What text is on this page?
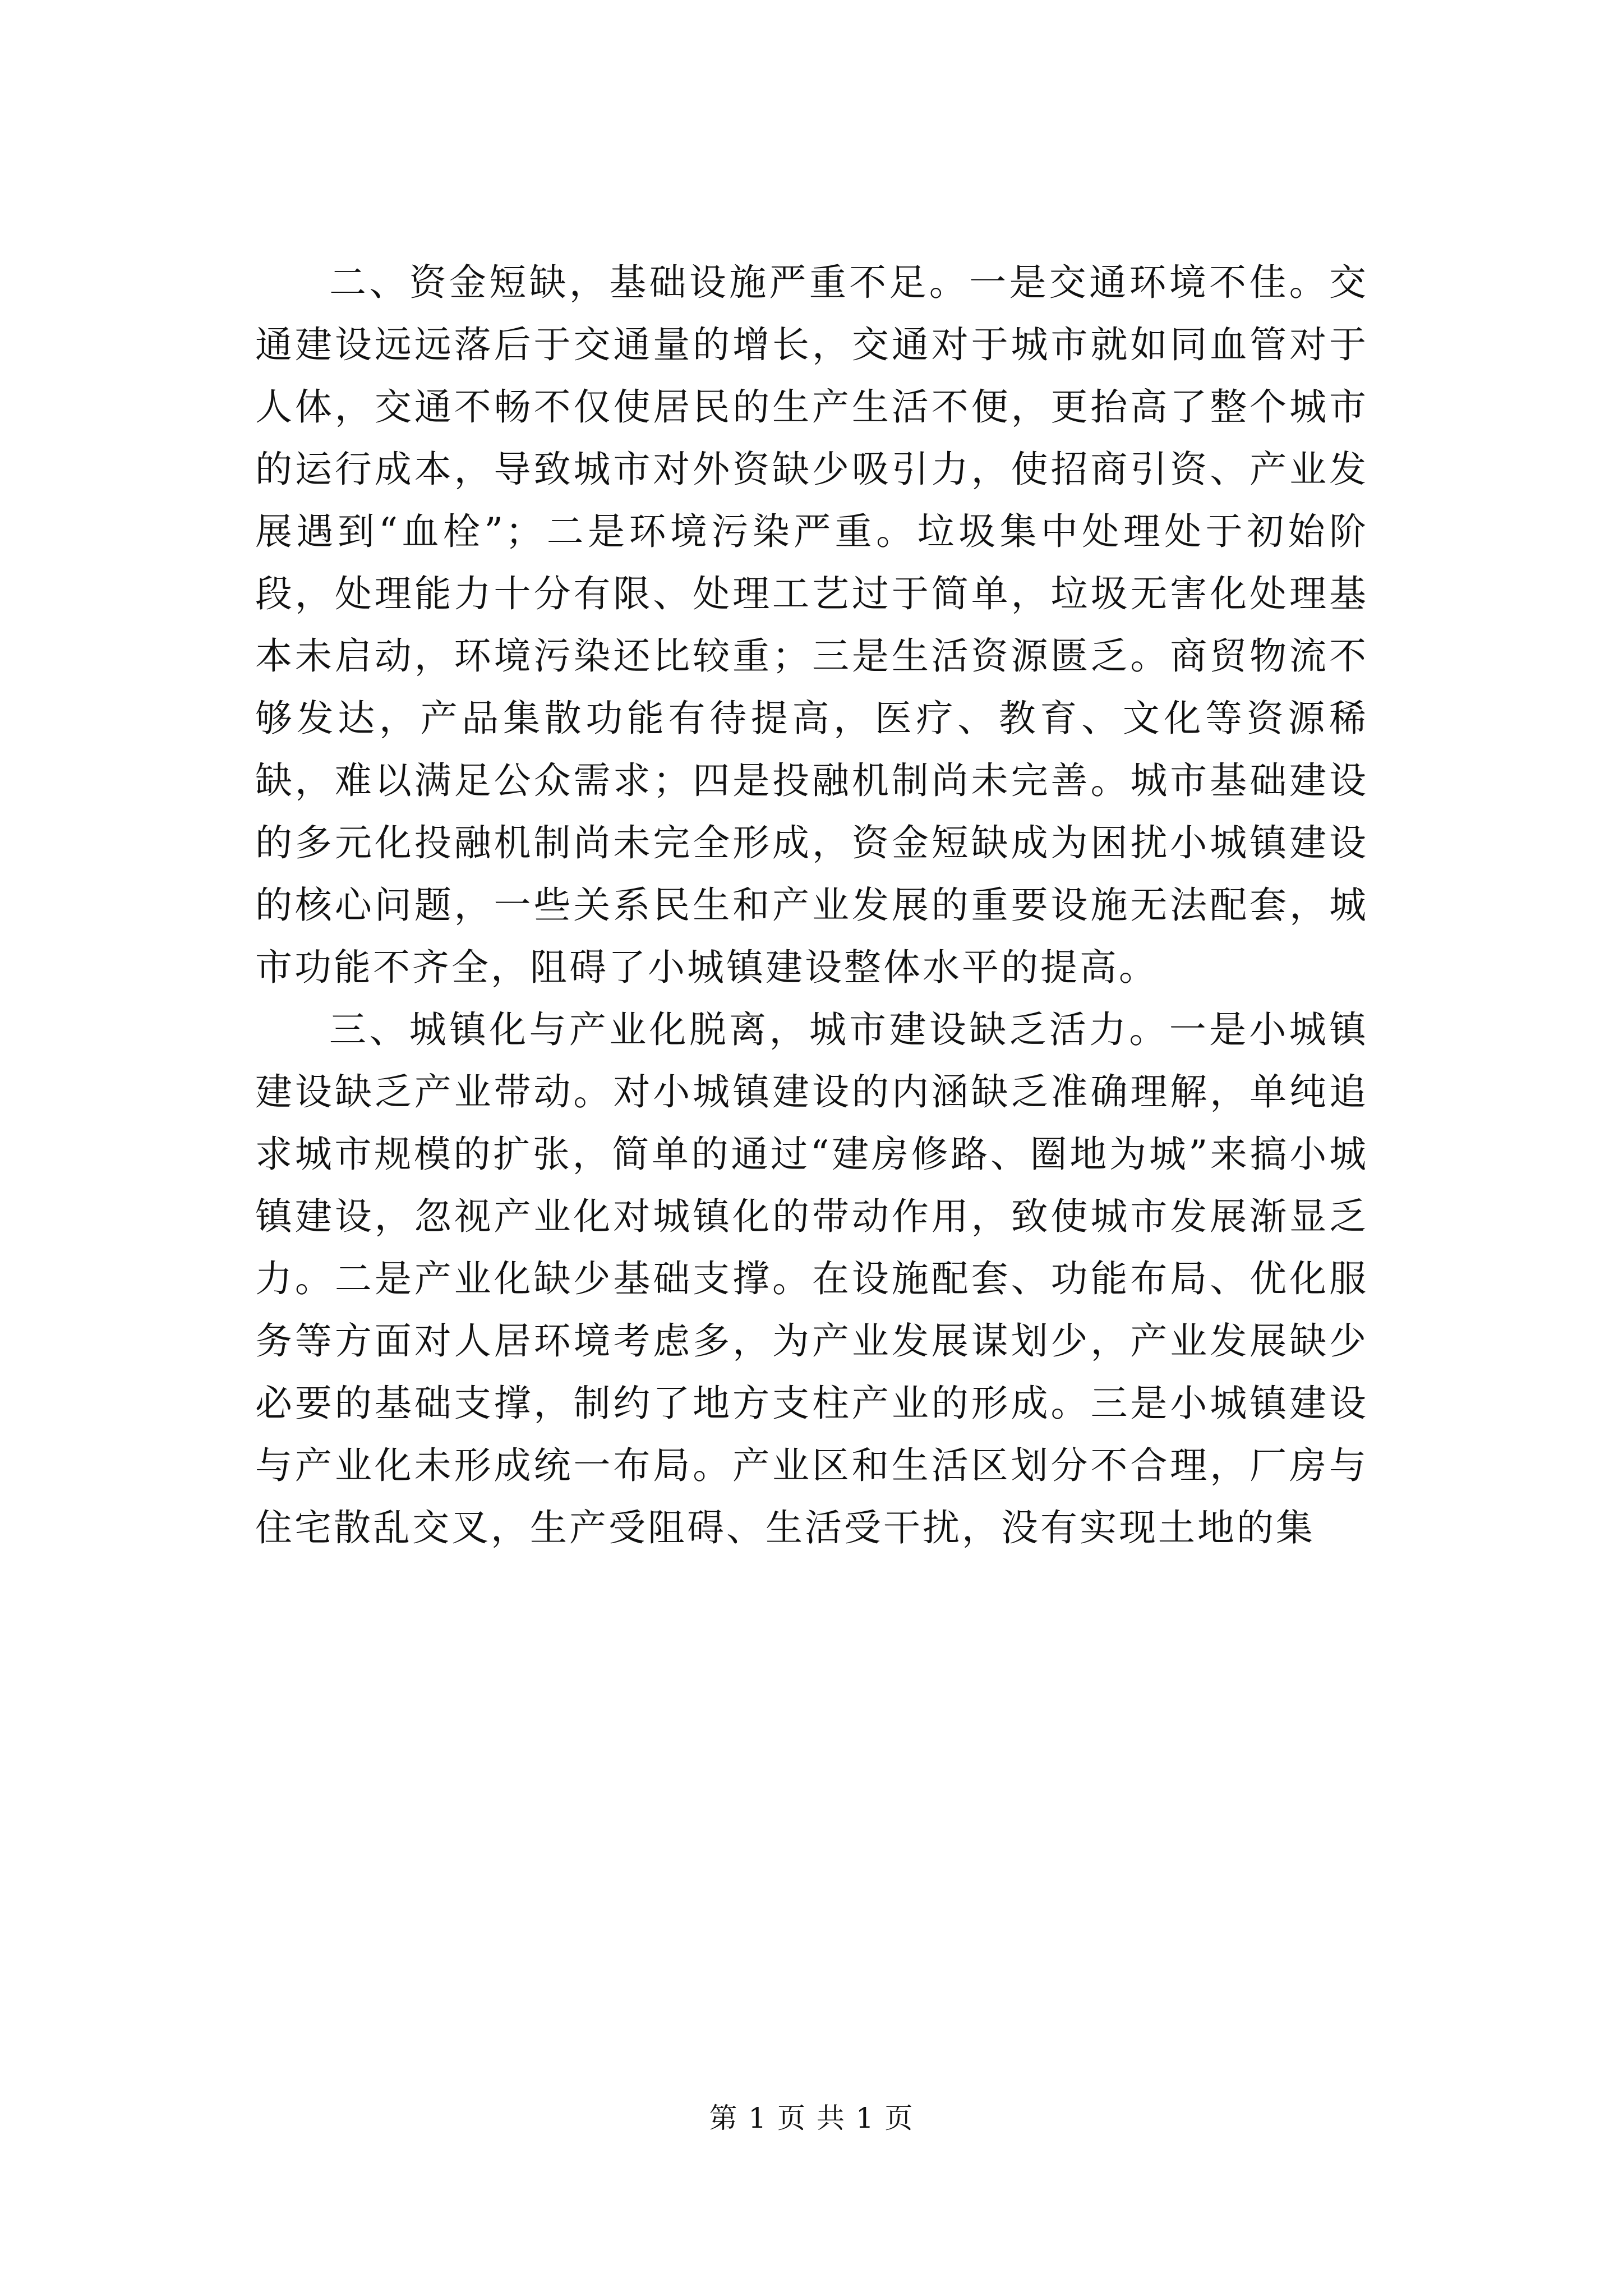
二、资金短缺，基础设施严重不足。一是交通环境不佳。交通建设远远落后于交通量的增长，交通对于城市就如同血管对于人体，交通不畅不仅使居民的生产生活不便，更抬高了整个城市的运行成本，导致城市对外资缺少吸引力，使招商引资、产业发展遇到“血栓”；二是环境污染严重。垃圾集中处理处于初始阶段，处理能力十分有限、处理工艺过于简单，垃圾无害化处理基本未启动，环境污染还比较重；三是生活资源匮乏。商贸物流不够发达，产品集散功能有待提高，医疗、教育、文化等资源稀缺，难以满足公众需求；四是投融机制尚未完善。城市基础建设的多元化投融机制尚未完全形成，资金短缺成为困扰小城镇建设的核心问题，一些关系民生和产业发展的重要设施无法配套，城市功能不齐全，阻碍了小城镇建设整体水平的提高。

三、城镇化与产业化脱离，城市建设缺乏活力。一是小城镇建设缺乏产业带动。对小城镇建设的内涵缺乏准确理解，单纯追求城市规模的扩张，简单的通过“建房修路、圈地为城”来搞小城镇建设，忽视产业化对城镇化的带动作用，致使城市发展渐显乏力。二是产业化缺少基础支撑。在设施配套、功能布局、优化服务等方面对人居环境考虑多，为产业发展谋划少，产业发展缺少必要的基础支撑，制约了地方支柱产业的形成。三是小城镇建设与产业化未形成统一布局。产业区和生活区划分不合理，厂房与住宅散乱交叉，生产受阻碍、生活受干扰，没有实现土地的集

第 1 页 共 1 页
